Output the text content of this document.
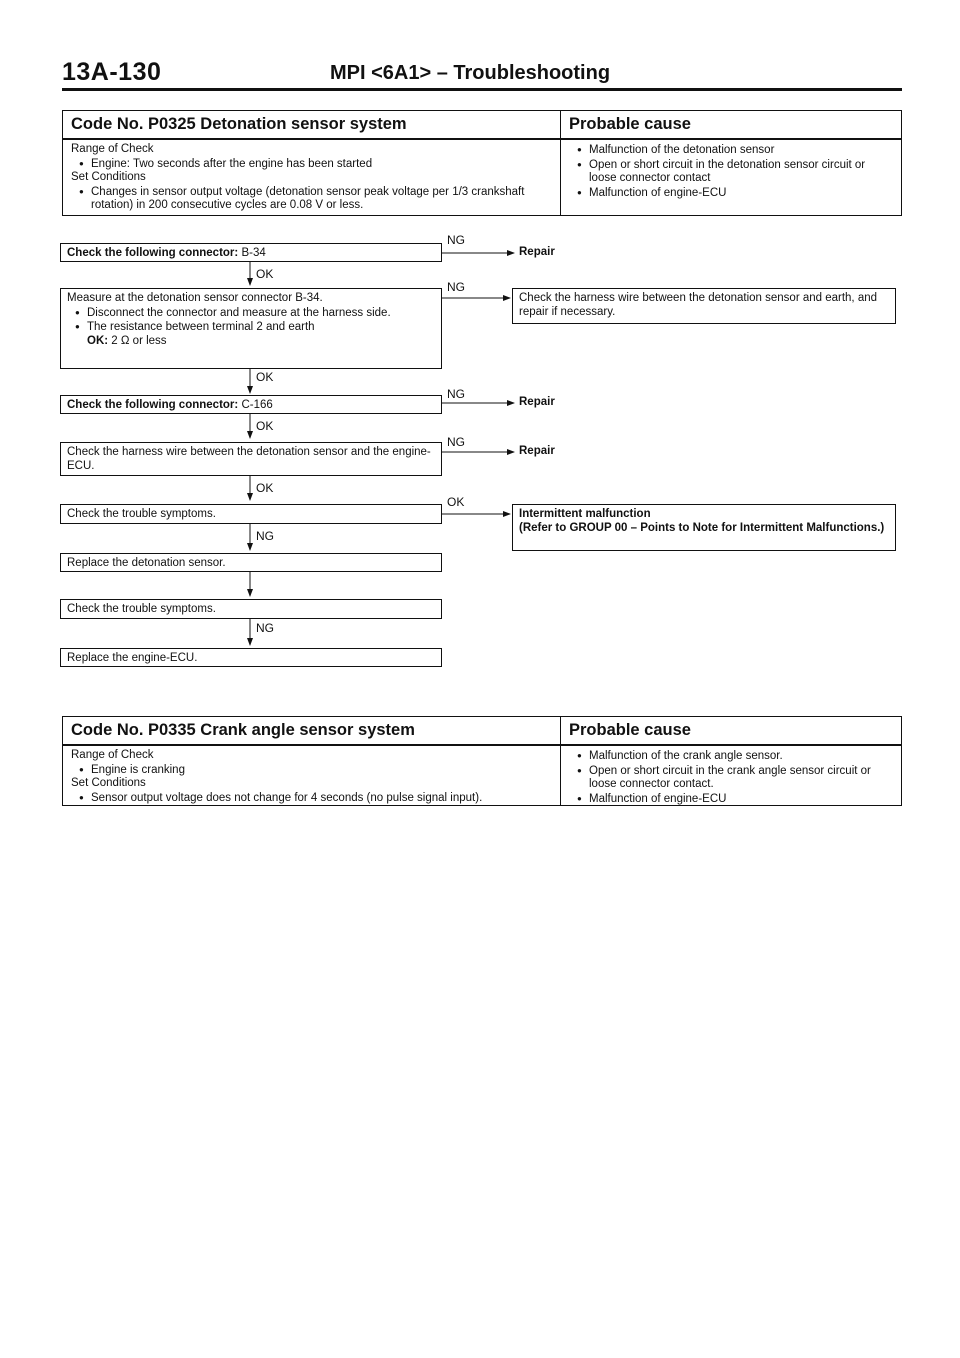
13A-130	MPI <6A1> – Troubleshooting
Code No. P0325 Detonation sensor system
Range of Check
● Engine: Two seconds after the engine has been started
Set Conditions
● Changes in sensor output voltage (detonation sensor peak voltage per 1/3 crankshaft rotation) in 200 consecutive cycles are 0.08 V or less.
Probable cause
● Malfunction of the detonation sensor
● Open or short circuit in the detonation sensor circuit or loose connector contact
● Malfunction of engine-ECU
Check the following connector: B-34
NG
Repair
OK
Measure at the detonation sensor connector B-34.
● Disconnect the connector and measure at the harness side.
● The resistance between terminal 2 and earth
OK: 2 Ω or less
NG
Check the harness wire between the detonation sensor and earth, and repair if necessary.
OK
Check the following connector: C-166
NG
Repair
OK
Check the harness wire between the detonation sensor and the engine-ECU.
NG
Repair
OK
Check the trouble symptoms.
OK
Intermittent malfunction
(Refer to GROUP 00 – Points to Note for Intermittent Malfunctions.)
NG
Replace the detonation sensor.
Check the trouble symptoms.
NG
Replace the engine-ECU.
Code No. P0335 Crank angle sensor system
Range of Check
● Engine is cranking
Set Conditions
● Sensor output voltage does not change for 4 seconds (no pulse signal input).
Probable cause
● Malfunction of the crank angle sensor.
● Open or short circuit in the crank angle sensor circuit or loose connector contact.
● Malfunction of engine-ECU
